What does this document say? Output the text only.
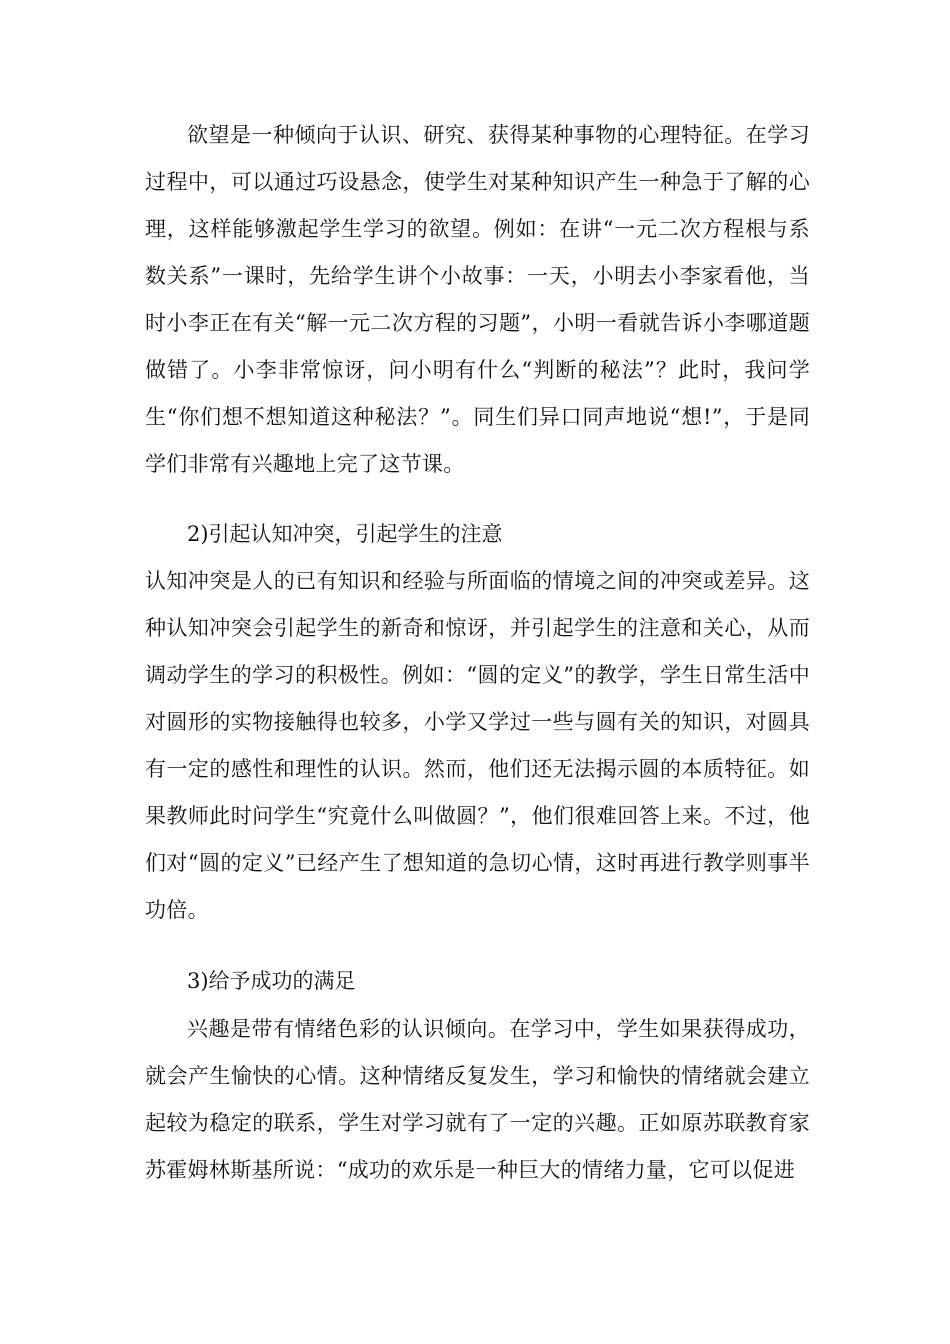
欲望是一种倾向于认识、研究、获得某种事物的心理特征。在学习过程中，可以通过巧设悬念，使学生对某种知识产生一种急于了解的心理，这样能够激起学生学习的欲望。例如：在讲“一元二次方程根与系数关系”一课时，先给学生讲个小故事：一天，小明去小李家看他，当时小李正在有关“解一元二次方程的习题”，小明一看就告诉小李哪道题做错了。小李非常惊讶，问小明有什么“判断的秘法”？此时，我问学生“你们想不想知道这种秘法？”。同生们异口同声地说“想!”，于是同学们非常有兴趣地上完了这节课。

2)引起认知冲突，引起学生的注意

认知冲突是人的已有知识和经验与所面临的情境之间的冲突或差异。这种认知冲突会引起学生的新奇和惊讶，并引起学生的注意和关心，从而调动学生的学习的积极性。例如：“圆的定义”的教学，学生日常生活中对圆形的实物接触得也较多，小学又学过一些与圆有关的知识，对圆具有一定的感性和理性的认识。然而，他们还无法揭示圆的本质特征。如果教师此时问学生“究竟什么叫做圆？”，他们很难回答上来。不过，他们对“圆的定义”已经产生了想知道的急切心情，这时再进行教学则事半功倍。

3)给予成功的满足

兴趣是带有情绪色彩的认识倾向。在学习中，学生如果获得成功，就会产生愉快的心情。这种情绪反复发生，学习和愉快的情绪就会建立起较为稳定的联系，学生对学习就有了一定的兴趣。正如原苏联教育家苏霍姆林斯基所说：“成功的欢乐是一种巨大的情绪力量，它可以促进
